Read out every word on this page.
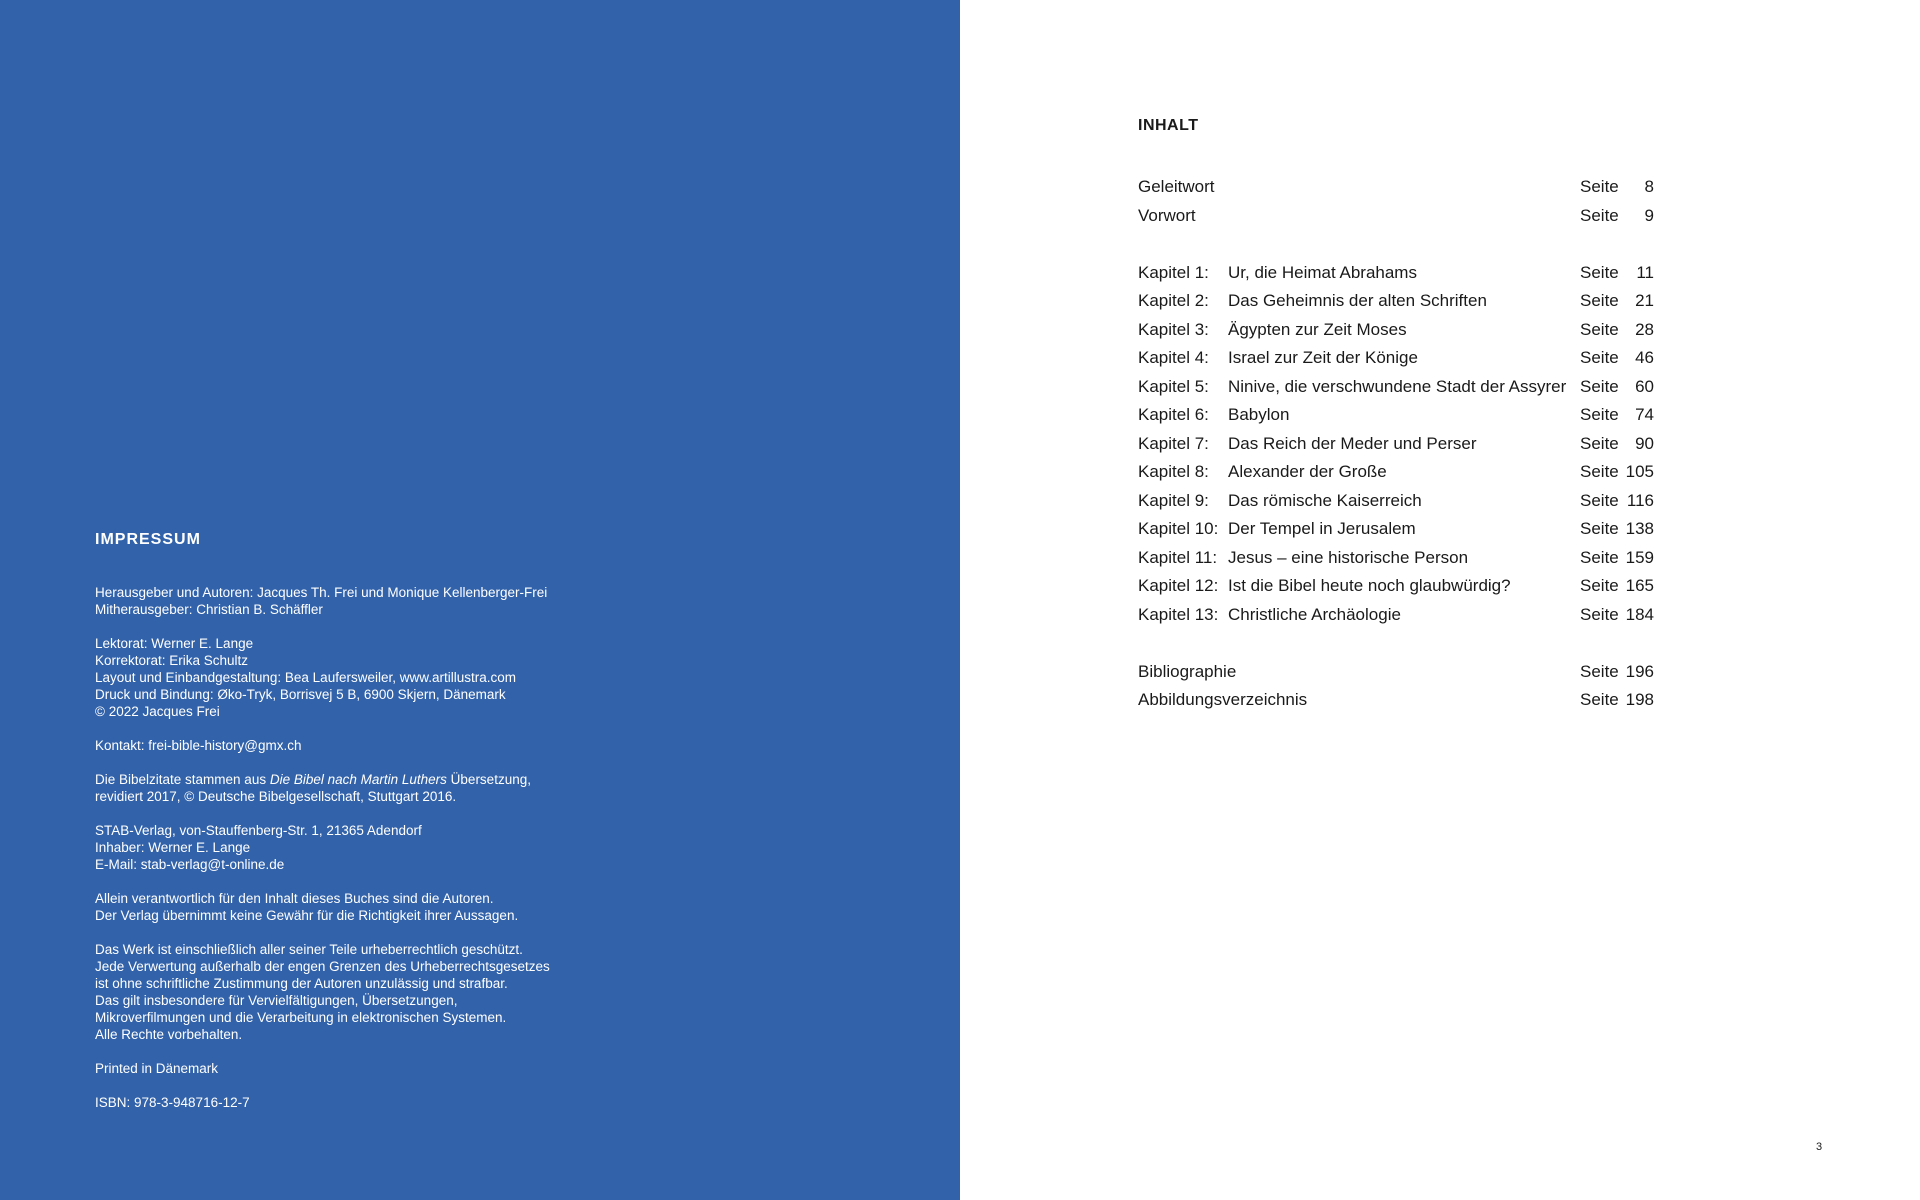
IMPRESSUM
Herausgeber und Autoren: Jacques Th. Frei und Monique Kellenberger-Frei
Mitherausgeber: Christian B. Schäffler
Lektorat: Werner E. Lange
Korrektorat: Erika Schultz
Layout und Einbandgestaltung: Bea Laufersweiler, www.artillustra.com
Druck und Bindung: Øko-Tryk, Borrisvej 5 B, 6900 Skjern, Dänemark
© 2022 Jacques Frei
Kontakt: frei-bible-history@gmx.ch
Die Bibelzitate stammen aus Die Bibel nach Martin Luthers Übersetzung,
revidiert 2017, © Deutsche Bibelgesellschaft, Stuttgart 2016.
STAB-Verlag, von-Stauffenberg-Str. 1, 21365 Adendorf
Inhaber: Werner E. Lange
E-Mail: stab-verlag@t-online.de
Allein verantwortlich für den Inhalt dieses Buches sind die Autoren.
Der Verlag übernimmt keine Gewähr für die Richtigkeit ihrer Aussagen.
Das Werk ist einschließlich aller seiner Teile urheberrechtlich geschützt.
Jede Verwertung außerhalb der engen Grenzen des Urheberrechtsgesetzes
ist ohne schriftliche Zustimmung der Autoren unzulässig und strafbar.
Das gilt insbesondere für Vervielfältigungen, Übersetzungen,
Mikroverfilmungen und die Verarbeitung in elektronischen Systemen.
Alle Rechte vorbehalten.
Printed in Dänemark
ISBN: 978-3-948716-12-7
INHALT
Geleitwort	Seite	8
Vorwort	Seite	9
Kapitel 1: Ur, die Heimat Abrahams	Seite	11
Kapitel 2: Das Geheimnis der alten Schriften	Seite 21
Kapitel 3: Ägypten zur Zeit Moses	Seite 28
Kapitel 4: Israel zur Zeit der Könige	Seite 46
Kapitel 5: Ninive, die verschwundene Stadt der Assyrer Seite 60
Kapitel 6: Babylon	Seite 74
Kapitel 7: Das Reich der Meder und Perser	Seite 90
Kapitel 8: Alexander der Große	Seite 105
Kapitel 9: Das römische Kaiserreich	Seite 116
Kapitel 10: Der Tempel in Jerusalem	Seite 138
Kapitel 11: Jesus – eine historische Person	Seite 159
Kapitel 12: Ist die Bibel heute noch glaubwürdig?	Seite 165
Kapitel 13: Christliche Archäologie	Seite 184
Bibliographie	Seite 196
Abbildungsverzeichnis	Seite 198
3
